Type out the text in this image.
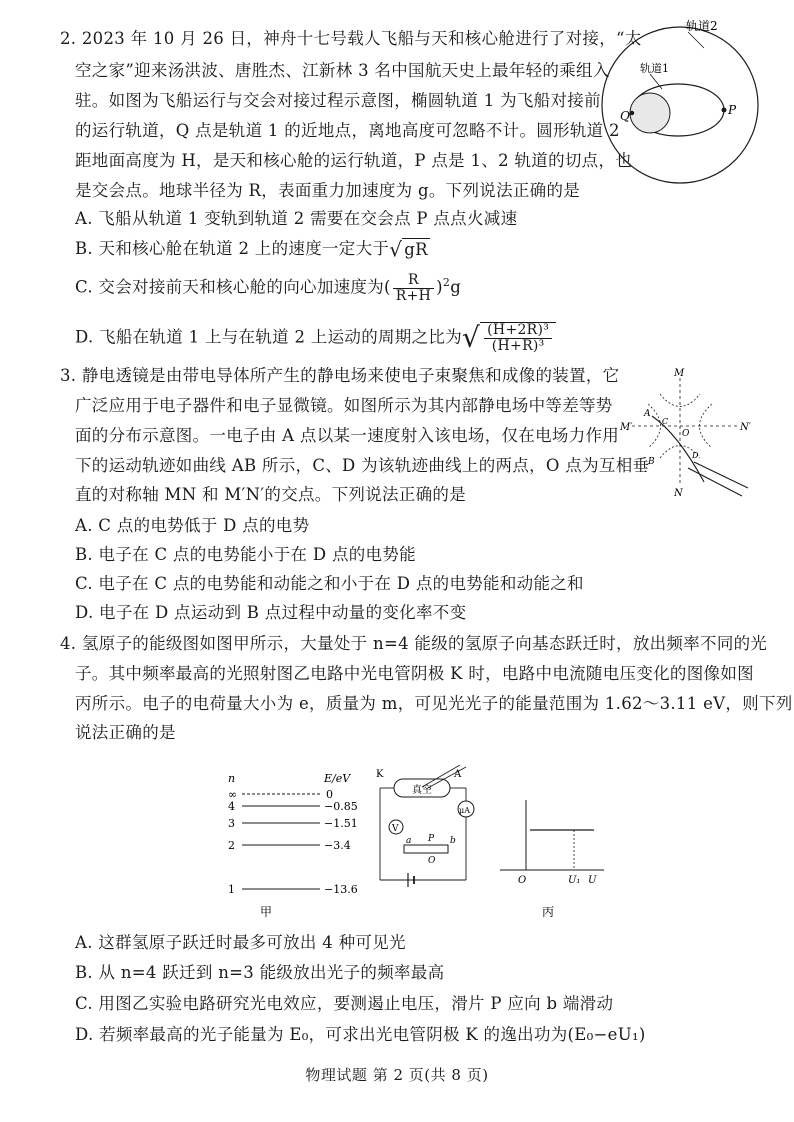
2. 2023 年 10 月 26 日，神舟十七号载人飞船与天和核心舱进行了对接，“太
空之家”迎来汤洪波、唐胜杰、江新林 3 名中国航天史上最年轻的乘组入
驻。如图为飞船运行与交会对接过程示意图，椭圆轨道 1 为飞船对接前
的运行轨道，Q 点是轨道 1 的近地点，离地高度可忽略不计。圆形轨道 2
距地面高度为 H，是天和核心舱的运行轨道，P 点是 1、2 轨道的切点，也
是交会点。地球半径为 R，表面重力加速度为 g。下列说法正确的是
A. 飞船从轨道 1 变轨到轨道 2 需要在交会点 P 点点火减速
B. 天和核心舱在轨道 2 上的速度一定大于√ gR
C. 交会对接前天和核心舱的向心加速度为( $\frac{R}{R+H} )^2g$
D. 飞船在轨道 1 上与在轨道 2 上运动的周期之比为√ $\frac{\text{(H+2R)³}}{\text{(H+R)³}}$
轨道2
轨道1
Q	P
3. 静电透镜是由带电导体所产生的静电场来使电子束聚焦和成像的装置，它
广泛应用于电子器件和电子显微镜。如图所示为其内部静电场中等差等势
面的分布示意图。一电子由 A 点以某一速度射入该电场，仅在电场力作用
下的运动轨迹如曲线 AB 所示，C、D 为该轨迹曲线上的两点，O 点为互相垂
直的对称轴 MN 和 M′N′的交点。下列说法正确的是
A. C 点的电势低于 D 点的电势
B. 电子在 C 点的电势能小于在 D 点的电势能
C. 电子在 C 点的电势能和动能之和小于在 D 点的电势能和动能之和
D. 电子在 D 点运动到 B 点过程中动量的变化率不变
M
N
M′	N′
O
A
B
C
D
4. 氢原子的能级图如图甲所示，大量处于 n=4 能级的氢原子向基态跃迁时，放出频率不同的光
子。其中频率最高的光照射图乙电路中光电管阴极 K 时，电路中电流随电压变化的图像如图
丙所示。电子的电荷量大小为 e，质量为 m，可见光光子的能量范围为 1.62～3.11 eV，则下列
说法正确的是
n	E/eV
∞	0
4	−0.85
3	−1.51
2	−3.4
1	−13.6
甲
K	A
真空
μA
V
a P b
O
O	U₁ U
丙
A. 这群氢原子跃迁时最多可放出 4 种可见光
B. 从 n=4 跃迁到 n=3 能级放出光子的频率最高
C. 用图乙实验电路研究光电效应，要测遏止电压，滑片 P 应向 b 端滑动
D. 若频率最高的光子能量为 E₀，可求出光电管阴极 K 的逸出功为(E₀−eU₁)
物理试题 第 2 页(共 8 页)
